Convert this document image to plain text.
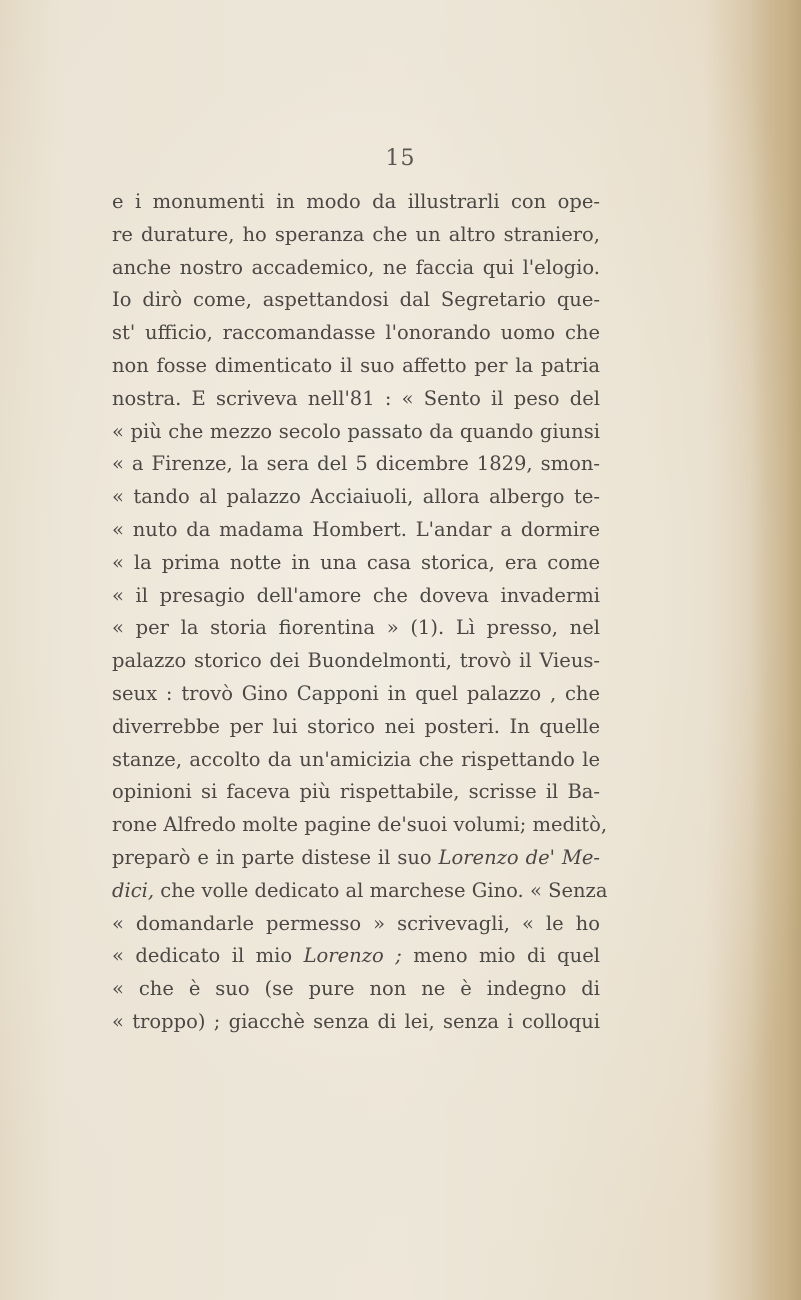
15
e i monumenti in modo da illustrarli con ope-
re durature, ho speranza che un altro straniero,
anche nostro accademico, ne faccia qui l'elogio.
Io dirò come, aspettandosi dal Segretario que-
st' ufficio, raccomandasse l'onorando uomo che
non fosse dimenticato il suo affetto per la patria
nostra. E scriveva nell'81 : « Sento il peso del
« più che mezzo secolo passato da quando giunsi
« a Firenze, la sera del 5 dicembre 1829, smon-
« tando al palazzo Acciaiuoli, allora albergo te-
« nuto da madama Hombert. L'andar a dormire
« la prima notte in una casa storica, era come
« il presagio dell'amore che doveva invadermi
« per la storia fiorentina » (1). Lì presso, nel
palazzo storico dei Buondelmonti, trovò il Vieus-
seux : trovò Gino Capponi in quel palazzo , che
diverrebbe per lui storico nei posteri. In quelle
stanze, accolto da un'amicizia che rispettando le
opinioni si faceva più rispettabile, scrisse il Ba-
rone Alfredo molte pagine de'suoi volumi; meditò,
preparò e in parte distese il suo Lorenzo de' Me-
dici, che volle dedicato al marchese Gino. « Senza
« domandarle permesso » scrivevagli, « le ho
« dedicato il mio Lorenzo ; meno mio di quel
« che è suo (se pure non ne è indegno di
« troppo) ; giacchè senza di lei, senza i colloqui
